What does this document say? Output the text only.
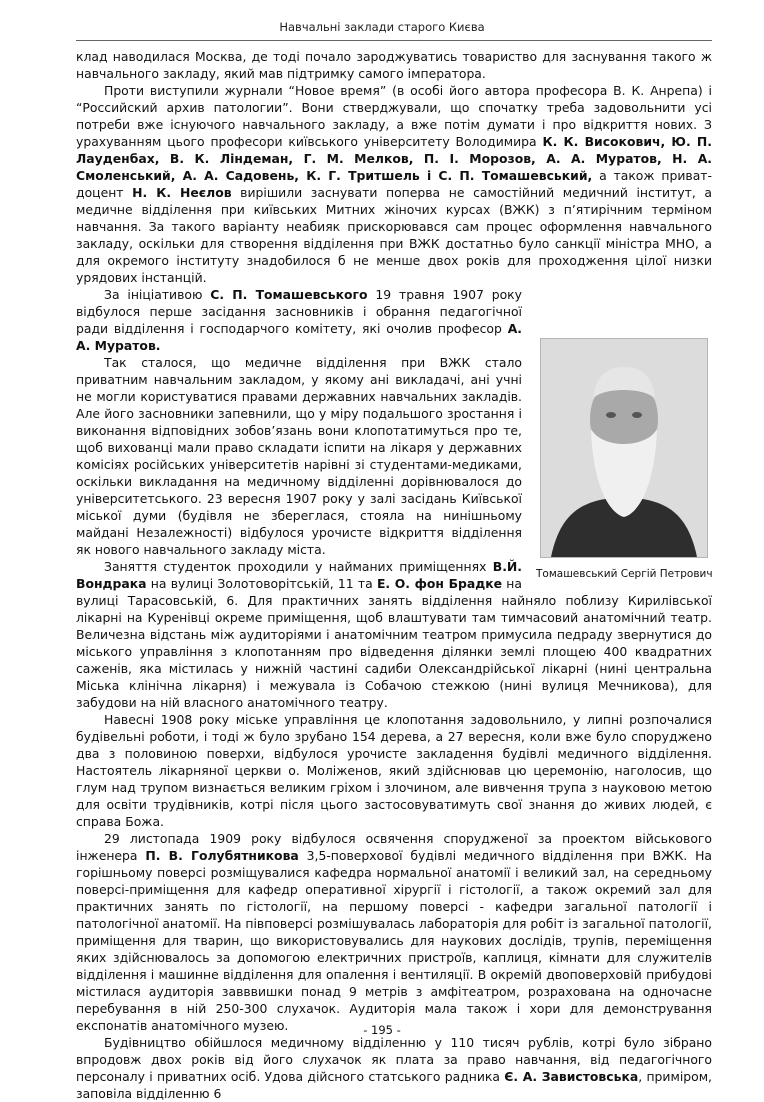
Навчальні заклади старого Києва

клад наводилася Москва, де тоді почало зароджуватись товариство для заснування такого ж навчального закладу, який мав підтримку самого імператора.

Проти виступили журнали “Новое время” (в особі його автора професора В. К. Анрепа) і “Российский архив патологии”. Вони стверджували, що спочатку треба задовольнити усі потреби вже існуючого навчального закладу, а вже потім думати і про відкриття нових. З урахуванням цього професори київського університету Володимира К. К. Висoкович, Ю. П. Лауденбах, В. К. Ліндеман, Г. М. Мелков, П. І. Морозов, А. А. Муратов, Н. А. Смоленський, А. А. Садовень, К. Г. Тритшель і С. П. Томашевський, а також приват-доцент Н. К. Неєлов вирішили заснувати поперва не самостійний медичний інститут, а медичне відділення при київських Митних жіночих курсах (ВЖК) з п’ятирічним терміном навчання. За такого варіанту неабияк прискорювався сам процес оформлення навчального закладу, оскільки для створення відділення при ВЖК достатньо було санкції міністра МНО, а для окремого інституту знадобилося б не менше двох років для проходження цілої низки урядових інстанцій.

Томашевський Сергій Петрович

За ініціативою С. П. Томашевського 19 травня 1907 року відбулося перше засідання засновників і обрання педагогічної ради відділення і господарчого комітету, які очолив професор А. А. Муратов.

Так сталося, що медичне відділення при ВЖК стало приватним навчальним закладом, у якому ані викладачі, ані учні не могли користуватися правами державних навчальних закладів. Але його засновники запевнили, що у міру подальшого зростання і виконання відповідних зобов’язань вони клопотатимуться про те, щоб вихованці мали право складати іспити на лікаря у державних комісіях російських університетів нарівні зі студентами-медиками, оскільки викладання на медичному відділенні дорівнювалося до університетського. 23 вересня 1907 року у залі засідань Київської міської думи (будівля не збереглася, стояла на нинішньому майдані Незалежності) відбулося урочисте відкриття відділення як нового навчального закладу міста.

Заняття студенток проходили у найманих приміщеннях В.Й. Вондрака на вулиці Золотоворітській, 11 та Е. О. фон Брадке на вулиці Тарасовській, 6. Для практичних занять відділення найняло поблизу Кирилівської лікарні на Куренівці окреме приміщення, щоб влаштувати там тимчасовий анатомічний театр. Величезна відстань між аудиторіями і анатомічним театром примусила педраду звернутися до міського управління з клопотанням про відведення ділянки землі площею 400 квадратних саженів, яка містилась у нижній частині садиби Олександрійської лікарні (нині центральна Міська клінічна лікарня) і межувала із Собачою стежкою (нині вулиця Мечникова), для забудови на ній власного анатомічного театру.

Навесні 1908 року міське управління це клопотання задовольнило, у липні розпочалися будівельні роботи, і тоді ж було зрубано 154 дерева, а 27 вересня, коли вже було споруджено два з половиною поверхи, відбулося урочисте закладення будівлі медичного відділення. Настоятель лікарняної церкви о. Моліженов, який здійснював цю церемонію, наголосив, що глум над трупом визнається великим гріхом і злочином, але вивчення трупа з науковою метою для освіти трудівників, котрі після цього застосовуватимуть свої знання до живих людей, є справа Божа.

29 листопада 1909 року відбулося освячення спорудженої за проектом військового інженера П. В. Голубятникова 3,5-поверхової будівлі медичного відділення при ВЖК. На горішньому поверсі розміщувалися кафедра нормальної анатомії і великий зал, на середньому поверсі-приміщення для кафедр оперативної хірургії і гістології, а також окремий зал для практичних занять по гістології, на першому поверсі - кафедри загальної патології і патологічної анатомії. На півповерсі розмішувалась лабораторія для робіт із загальної патології, приміщення для тварин, що використовувались для наукових дослідів, трупів, переміщення яких здійснювалось за допомогою електричних пристроїв, каплиця, кімнати для служителів відділення і машинне відділення для опалення і вентиляції. В окремій двоповерховій прибудові містилася аудиторія завввишки понад 9 метрів з амфітеатром, розрахована на одночасне перебування в ній 250-300 слухачок. Аудиторія мала також і хори для демонстрування експонатів анатомічного музею.

Будівництво обійшлося медичному відділенню у 110 тисяч рублів, котрі було зібрано впродовж двох років від його слухачок як плата за право навчання, від педагогічного персоналу і приватних осіб. Удова дійсного статського радника Є. А. Завистовська, приміром, заповіла відділенню 6

- 195 -
